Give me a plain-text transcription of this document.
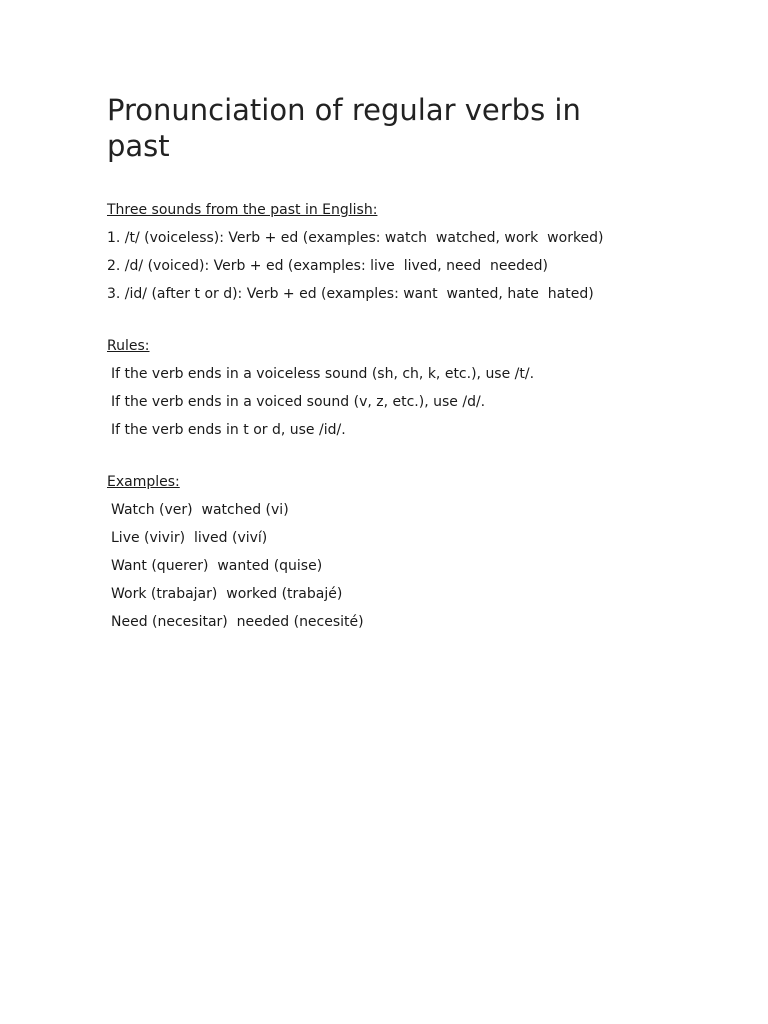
Pronunciation of regular verbs in past
Three sounds from the past in English:
1. /t/ (voiceless): Verb + ed (examples: watch  watched, work  worked)
2. /d/ (voiced): Verb + ed (examples: live  lived, need  needed)
3. /id/ (after t or d): Verb + ed (examples: want  wanted, hate  hated)
Rules:
If the verb ends in a voiceless sound (sh, ch, k, etc.), use /t/.
If the verb ends in a voiced sound (v, z, etc.), use /d/.
If the verb ends in t or d, use /id/.
Examples:
Watch (ver)  watched (vi)
Live (vivir)  lived (viví)
Want (querer)  wanted (quise)
Work (trabajar)  worked (trabajé)
Need (necesitar)  needed (necesité)
